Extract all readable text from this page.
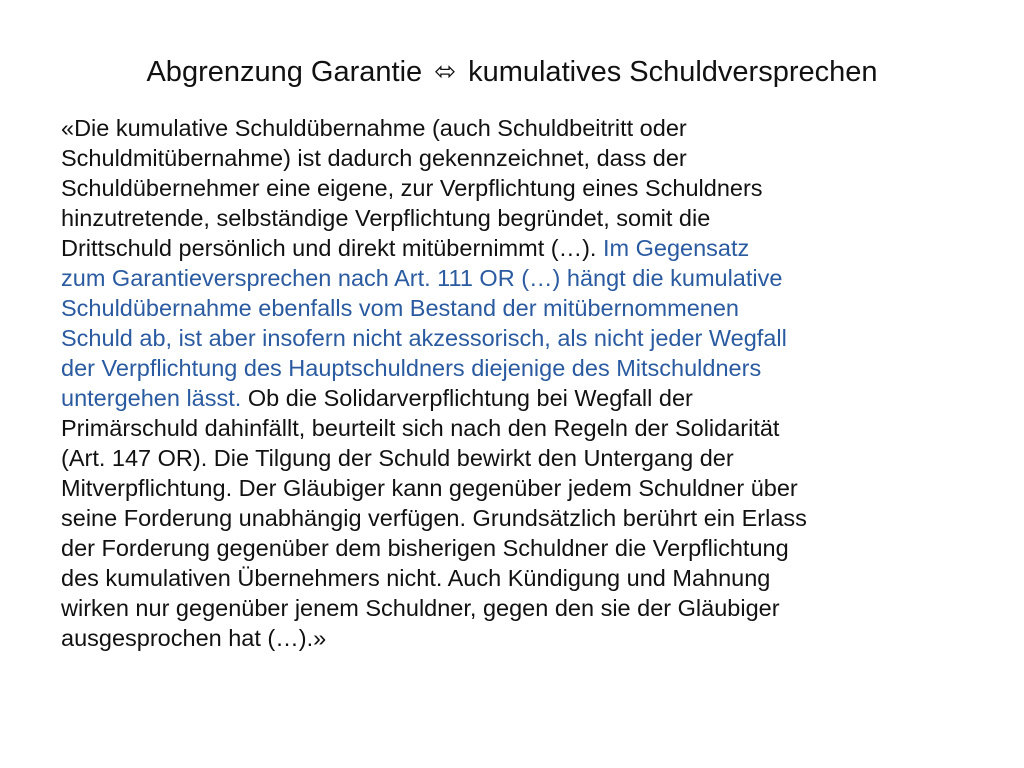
Abgrenzung Garantie ⬄ kumulatives Schuldversprechen
«Die kumulative Schuldübernahme (auch Schuldbeitritt oder
Schuldmitübernahme) ist dadurch gekennzeichnet, dass der
Schuldübernehmer eine eigene, zur Verpflichtung eines Schuldners
hinzutretende, selbständige Verpflichtung begründet, somit die
Drittschuld persönlich und direkt mitübernimmt (…). Im Gegensatz
zum Garantieversprechen nach Art. 111 OR (…) hängt die kumulative
Schuldübernahme ebenfalls vom Bestand der mitübernommenen
Schuld ab, ist aber insofern nicht akzessorisch, als nicht jeder Wegfall
der Verpflichtung des Hauptschuldners diejenige des Mitschuldners
untergehen lässt. Ob die Solidarverpflichtung bei Wegfall der
Primärschuld dahinfällt, beurteilt sich nach den Regeln der Solidarität
(Art. 147 OR). Die Tilgung der Schuld bewirkt den Untergang der
Mitverpflichtung. Der Gläubiger kann gegenüber jedem Schuldner über
seine Forderung unabhängig verfügen. Grundsätzlich berührt ein Erlass
der Forderung gegenüber dem bisherigen Schuldner die Verpflichtung
des kumulativen Übernehmers nicht. Auch Kündigung und Mahnung
wirken nur gegenüber jenem Schuldner, gegen den sie der Gläubiger
ausgesprochen hat (…).»
